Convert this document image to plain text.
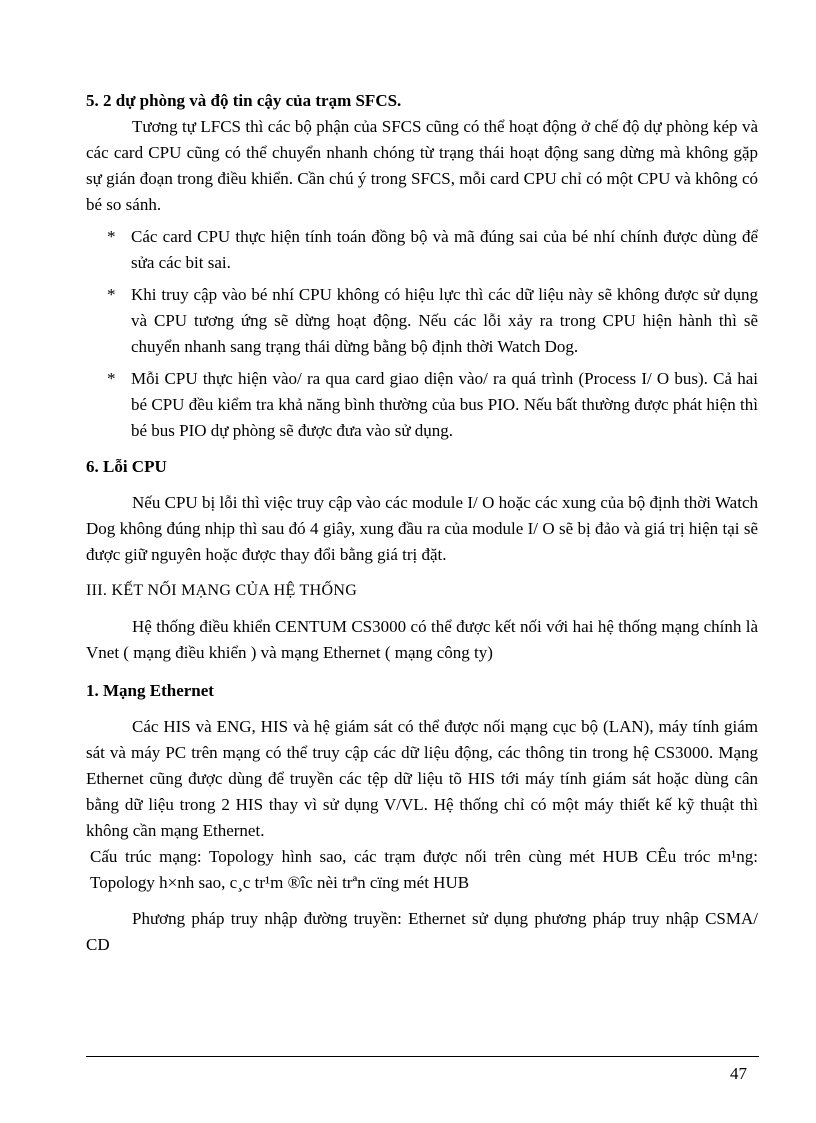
5. 2 dự phòng và độ tin cậy của trạm SFCS.

Tương tự LFCS thì các bộ phận của SFCS cũng có thể hoạt động ở chế độ dự phòng kép và các card CPU cũng có thể chuyển nhanh chóng từ trạng thái hoạt động sang dừng mà không gặp sự gián đoạn trong điều khiển. Cần chú ý trong SFCS, mỗi card CPU chỉ có một CPU và không có bé so sánh.

* Các card CPU thực hiện tính toán đồng bộ và mã đúng sai của bé nhí chính được dùng để sửa các bit sai.
* Khi truy cập vào bé nhí CPU không có hiệu lực thì các dữ liệu này sẽ không được sử dụng và CPU tương ứng sẽ dừng hoạt động. Nếu các lỗi xảy ra trong CPU hiện hành thì sẽ chuyển nhanh sang trạng thái dừng bằng bộ định thời Watch Dog.
* Mỗi CPU thực hiện vào/ ra qua card giao diện vào/ ra quá trình (Process I/ O bus). Cả hai bé CPU đều kiểm tra khả năng bình thường của bus PIO. Nếu bất thường được phát hiện thì bé bus PIO dự phòng sẽ được đưa vào sử dụng.

6. Lỗi CPU

Nếu CPU bị lỗi thì việc truy cập vào các module I/ O hoặc các xung của bộ định thời Watch Dog không đúng nhịp thì sau đó 4 giây, xung đầu ra của module I/ O sẽ bị đảo và giá trị hiện tại sẽ được giữ nguyên hoặc được thay đổi bằng giá trị đặt.

III. KẾT NỐI MẠNG CỦA HỆ THỐNG

Hệ thống điều khiển CENTUM CS3000 có thể được kết nối với hai hệ thống mạng chính là Vnet ( mạng điều khiển ) và mạng Ethernet ( mạng công ty)

1. Mạng Ethernet

Các HIS và ENG, HIS và hệ giám sát có thể được nối mạng cục bộ (LAN), máy tính giám sát và máy PC trên mạng có thể truy cập các dữ liệu động, các thông tin trong hệ CS3000. Mạng Ethernet cũng được dùng để truyền các tệp dữ liệu tõ HIS tới máy tính giám sát hoặc dùng cân bằng dữ liệu trong 2 HIS thay vì sử dụng V/VL. Hệ thống chỉ có một máy thiết kế kỹ thuật thì không cần mạng Ethernet.

Cấu trúc mạng: Topology hình sao, các trạm được nối trên cùng mét HUB CÊu tróc m¹ng: Topology h×nh sao, c¸c tr¹m ®îc nèi trªn cïng mét HUB

Phương pháp truy nhập đường truyền: Ethernet sử dụng phương pháp truy nhập CSMA/ CD

47
